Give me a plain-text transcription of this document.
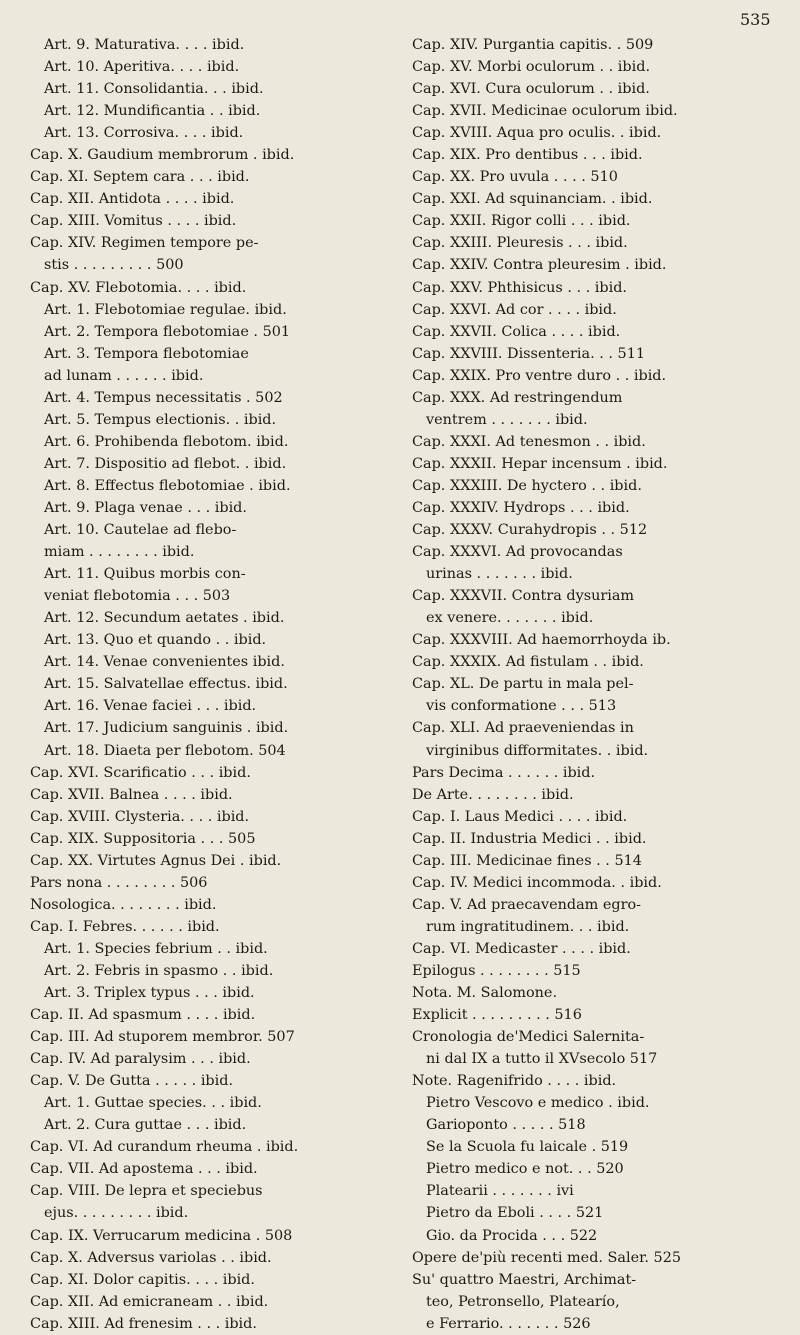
535
Art. 9. Maturativa. . . . ibid.
Art. 10. Aperitiva. . . . ibid.
Art. 11. Consolidantia. . . ibid.
Art. 12. Mundificantia . . ibid.
Art. 13. Corrosiva. . . . ibid.
Cap. X. Gaudium membrorum . ibid.
Cap. XI. Septem cara . . . ibid.
Cap. XII. Antidota . . . . ibid.
Cap. XIII. Vomitus . . . . ibid.
Cap. XIV. Regimen tempore pe-
stis . . . . . . . . . 500
Cap. XV. Flebotomia. . . . ibid.
Art. 1. Flebotomiae regulae. ibid.
Art. 2. Tempora flebotomiae . 501
Art. 3. Tempora flebotomiae
ad lunam . . . . . . ibid.
Art. 4. Tempus necessitatis . 502
Art. 5. Tempus electionis. . ibid.
Art. 6. Prohibenda flebotom. ibid.
Art. 7. Dispositio ad flebot. . ibid.
Art. 8. Effectus flebotomiae . ibid.
Art. 9. Plaga venae . . . ibid.
Art. 10. Cautelae ad flebo-
miam . . . . . . . . ibid.
Art. 11. Quibus morbis con-
veniat flebotomia . . . 503
Art. 12. Secundum aetates . ibid.
Art. 13. Quo et quando . . ibid.
Art. 14. Venae convenientes ibid.
Art. 15. Salvatellae effectus. ibid.
Art. 16. Venae faciei . . . ibid.
Art. 17. Judicium sanguinis . ibid.
Art. 18. Diaeta per flebotom. 504
Cap. XVI. Scarificatio . . . ibid.
Cap. XVII. Balnea . . . . ibid.
Cap. XVIII. Clysteria. . . . ibid.
Cap. XIX. Suppositoria . . . 505
Cap. XX. Virtutes Agnus Dei . ibid.
Pars nona . . . . . . . . 506
Nosologica. . . . . . . . ibid.
Cap. I. Febres. . . . . . ibid.
Art. 1. Species febrium . . ibid.
Art. 2. Febris in spasmo . . ibid.
Art. 3. Triplex typus . . . ibid.
Cap. II. Ad spasmum . . . . ibid.
Cap. III. Ad stuporem membror. 507
Cap. IV. Ad paralysim . . . ibid.
Cap. V. De Gutta . . . . . ibid.
Art. 1. Guttae species. . . ibid.
Art. 2. Cura guttae . . . ibid.
Cap. VI. Ad curandum rheuma . ibid.
Cap. VII. Ad apostema . . . ibid.
Cap. VIII. De lepra et speciebus
ejus. . . . . . . . . ibid.
Cap. IX. Verrucarum medicina . 508
Cap. X. Adversus variolas . . ibid.
Cap. XI. Dolor capitis. . . . ibid.
Cap. XII. Ad emicraneam . . ibid.
Cap. XIII. Ad frenesim . . . ibid.
Cap. XIV. Purgantia capitis. . 509
Cap. XV. Morbi oculorum . . ibid.
Cap. XVI. Cura oculorum . . ibid.
Cap. XVII. Medicinae oculorum ibid.
Cap. XVIII. Aqua pro oculis. . ibid.
Cap. XIX. Pro dentibus . . . ibid.
Cap. XX. Pro uvula . . . . 510
Cap. XXI. Ad squinanciam. . ibid.
Cap. XXII. Rigor colli . . . ibid.
Cap. XXIII. Pleuresis . . . ibid.
Cap. XXIV. Contra pleuresim . ibid.
Cap. XXV. Phthisicus . . . ibid.
Cap. XXVI. Ad cor . . . . ibid.
Cap. XXVII. Colica . . . . ibid.
Cap. XXVIII. Dissenteria. . . 511
Cap. XXIX. Pro ventre duro . . ibid.
Cap. XXX. Ad restringendum
ventrem . . . . . . . ibid.
Cap. XXXI. Ad tenesmon . . ibid.
Cap. XXXII. Hepar incensum . ibid.
Cap. XXXIII. De hyctero . . ibid.
Cap. XXXIV. Hydrops . . . ibid.
Cap. XXXV. Curahydropis . . 512
Cap. XXXVI. Ad provocandas
urinas . . . . . . . ibid.
Cap. XXXVII. Contra dysuriam
ex venere. . . . . . . ibid.
Cap. XXXVIII. Ad haemorrhoyda ib.
Cap. XXXIX. Ad fistulam . . ibid.
Cap. XL. De partu in mala pel-
vis conformatione . . . 513
Cap. XLI. Ad praeveniendas in
virginibus difformitates. . ibid.
Pars Decima . . . . . . ibid.
De Arte. . . . . . . . ibid.
Cap. I. Laus Medici . . . . ibid.
Cap. II. Industria Medici . . ibid.
Cap. III. Medicinae fines . . 514
Cap. IV. Medici incommoda. . ibid.
Cap. V. Ad praecavendam egro-
rum ingratitudinem. . . ibid.
Cap. VI. Medicaster . . . . ibid.
Epilogus . . . . . . . . 515
Nota. M. Salomone.
Explicit . . . . . . . . . 516
Cronologia de'Medici Salernita-
ni dal IX a tutto il XVsecolo 517
Note. Ragenifrido . . . . ibid.
Pietro Vescovo e medico . ibid.
Garioponto . . . . . 518
Se la Scuola fu laicale . 519
Pietro medico e not. . . 520
Platearii . . . . . . . ivi
Pietro da Eboli . . . . 521
Gio. da Procida . . . 522
Opere de'più recenti med. Saler. 525
Su' quattro Maestri, Archimat-
teo, Petronsello, Platearío,
e Ferrario. . . . . . . 526
